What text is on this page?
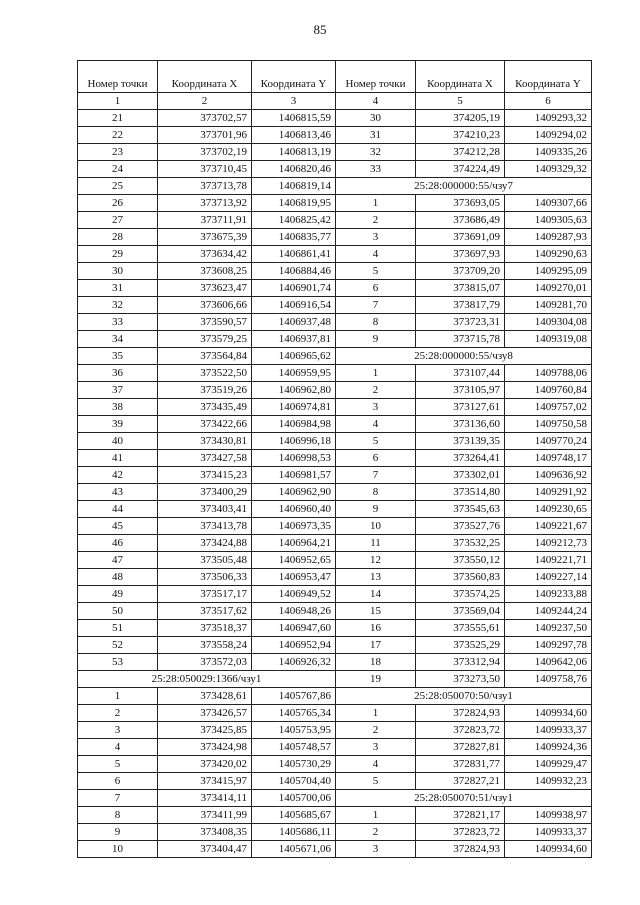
85
Номер точки	Координата X	Координата Y	Номер точки	Координата X	Координата Y
1	2	3	4	5	6
21	373702,57	1406815,59	30	374205,19	1409293,32
22	373701,96	1406813,46	31	374210,23	1409294,02
23	373702,19	1406813,19	32	374212,28	1409335,26
24	373710,45	1406820,46	33	374224,49	1409329,32
25	373713,78	1406819,14	25:28:000000:55/чзу7		
26	373713,92	1406819,95	1	373693,05	1409307,66
27	373711,91	1406825,42	2	373686,49	1409305,63
28	373675,39	1406835,77	3	373691,09	1409287,93
29	373634,42	1406861,41	4	373697,93	1409290,63
30	373608,25	1406884,46	5	373709,20	1409295,09
31	373623,47	1406901,74	6	373815,07	1409270,01
32	373606,66	1406916,54	7	373817,79	1409281,70
33	373590,57	1406937,48	8	373723,31	1409304,08
34	373579,25	1406937,81	9	373715,78	1409319,08
35	373564,84	1406965,62	25:28:000000:55/чзу8		
36	373522,50	1406959,95	1	373107,44	1409788,06
37	373519,26	1406962,80	2	373105,97	1409760,84
38	373435,49	1406974,81	3	373127,61	1409757,02
39	373422,66	1406984,98	4	373136,60	1409750,58
40	373430,81	1406996,18	5	373139,35	1409770,24
41	373427,58	1406998,53	6	373264,41	1409748,17
42	373415,23	1406981,57	7	373302,01	1409636,92
43	373400,29	1406962,90	8	373514,80	1409291,92
44	373403,41	1406960,40	9	373545,63	1409230,65
45	373413,78	1406973,35	10	373527,76	1409221,67
46	373424,88	1406964,21	11	373532,25	1409212,73
47	373505,48	1406952,65	12	373550,12	1409221,71
48	373506,33	1406953,47	13	373560,83	1409227,14
49	373517,17	1406949,52	14	373574,25	1409233,88
50	373517,62	1406948,26	15	373569,04	1409244,24
51	373518,37	1406947,60	16	373555,61	1409237,50
52	373558,24	1406952,94	17	373525,29	1409297,78
53	373572,03	1406926,32	18	373312,94	1409642,06
25:28:050029:1366/чзу1			19	373273,50	1409758,76
1	373428,61	1405767,86	25:28:050070:50/чзу1		
2	373426,57	1405765,34	1	372824,93	1409934,60
3	373425,85	1405753,95	2	372823,72	1409933,37
4	373424,98	1405748,57	3	372827,81	1409924,36
5	373420,02	1405730,29	4	372831,77	1409929,47
6	373415,97	1405704,40	5	372827,21	1409932,23
7	373414,11	1405700,06	25:28:050070:51/чзу1		
8	373411,99	1405685,67	1	372821,17	1409938,97
9	373408,35	1405686,11	2	372823,72	1409933,37
10	373404,47	1405671,06	3	372824,93	1409934,60
